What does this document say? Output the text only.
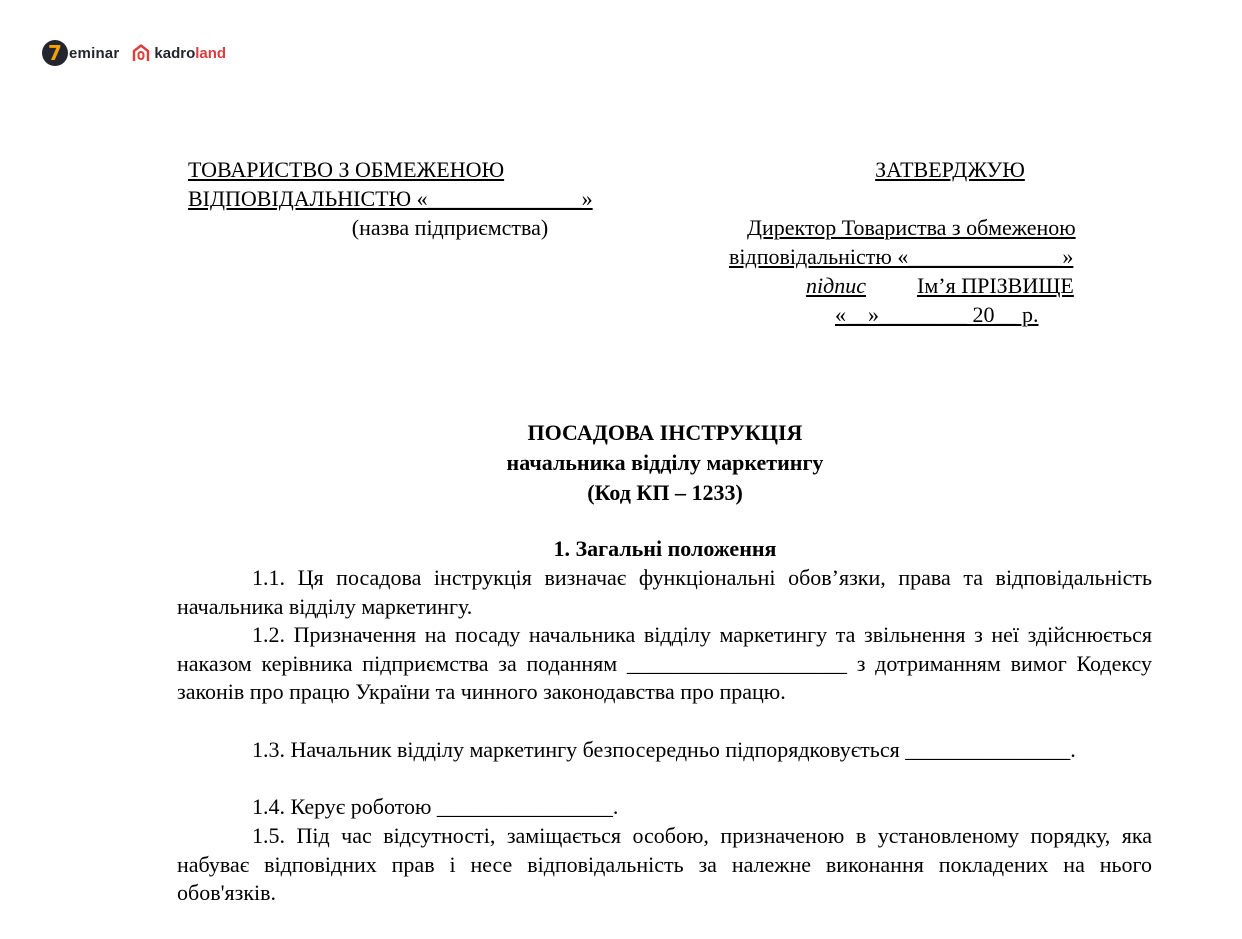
7 eminar kadro land
ТОВАРИСТВО З ОБМЕЖЕНОЮ
ВІДПОВІДАЛЬНІСТЮ «______________»
(назва підприємства)
ЗАТВЕРДЖУЮ
Директор Товариства з обмеженою
відповідальністю «______________»
підпис Ім’я ПРІЗВИЩЕ
«__»________ 20__ р.
ПОСАДОВА ІНСТРУКЦІЯ
начальника відділу маркетингу
(Код КП – 1233)
1. Загальні положення
1.1. Ця посадова інструкція визначає функціональні обов’язки, права та відповідальність начальника відділу маркетингу.
1.2. Призначення на посаду начальника відділу маркетингу та звільнення з неї здійснюється наказом керівника підприємства за поданням ____________________ з дотриманням вимог Кодексу законів про працю України та чинного законодавства про працю.
1.3. Начальник відділу маркетингу безпосередньо підпорядковується _______________.
1.4. Керує роботою ________________.
1.5. Під час відсутності, заміщається особою, призначеною в установленому порядку, яка набуває відповідних прав і несе відповідальність за належне виконання покладених на нього обов'язків.
